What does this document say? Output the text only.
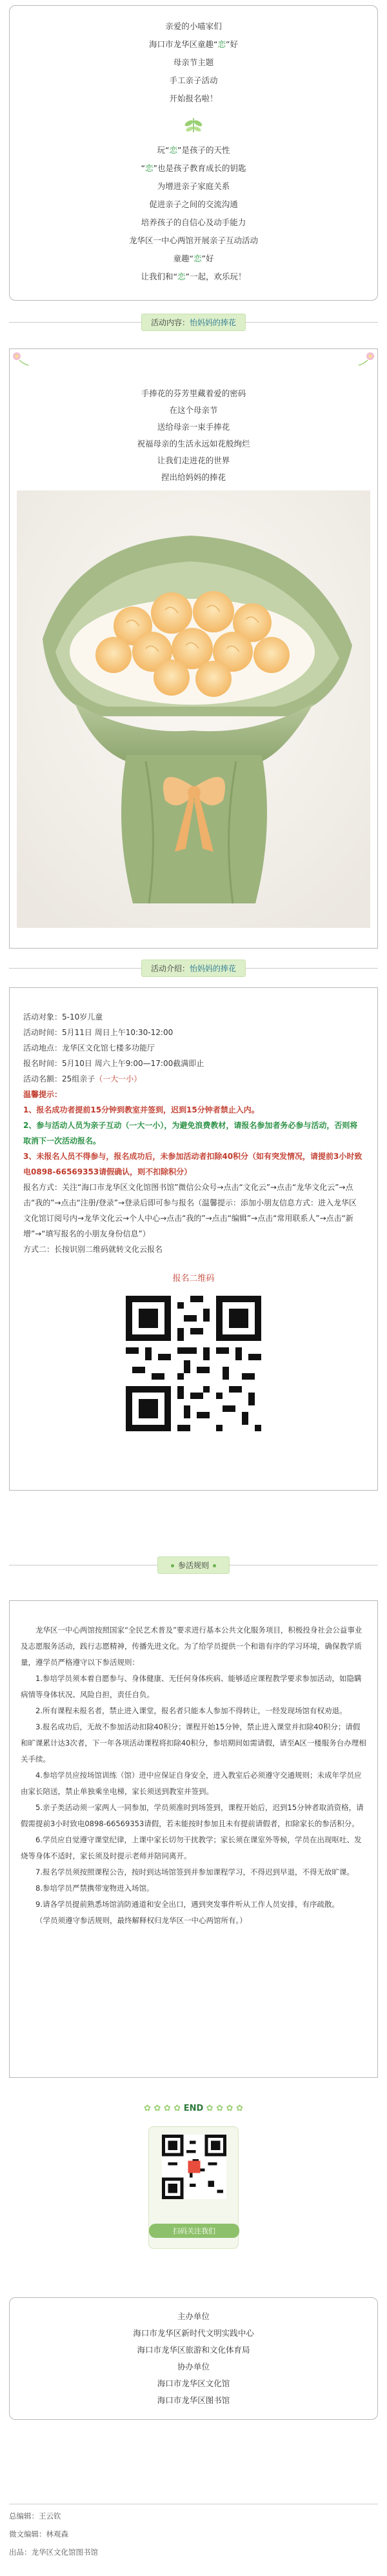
亲爱的小喵家们
海口市龙华区童趣“恋”好
母亲节主题
手工亲子活动
开始报名啦！
玩“恋”是孩子的天性
“恋”也是孩子教育成长的钥匙
为增进亲子家庭关系
促进亲子之间的交流沟通
培养孩子的自信心及动手能力
龙华区一中心两馆开展亲子互动活动
童趣“恋”好
让我们和“恋”一起，欢乐玩！
活动内容：怡妈妈的捧花
手捧花的芬芳里藏着爱的密码
在这个母亲节
送给母亲一束手捧花
祝福母亲的生活永远如花般绚烂
让我们走进花的世界
捏出给妈妈的捧花
活动介绍：怡妈妈的捧花

活动对象：5-10岁儿童

活动时间：5月11日 周日上午10:30-12:00

活动地点：龙华区文化馆七楼多功能厅

报名时间：5月10日 周六上午9:00—17:00截满即止

活动名额：25组亲子（一大一小）

温馨提示：

1、报名成功者提前15分钟到教室并签到，迟到15分钟者禁止入内。

2、参与活动人员为亲子互动（一大一小），为避免浪费教材，请报名参加者务必参与活动，否则将取消下一次活动报名。

3、未报名人员不得参与，报名成功后，未参加活动者扣除40积分（如有突发情况，请提前3小时致电0898-66569353请假确认，则不扣除积分）

报名方式：关注“海口市龙华区文化馆图书馆”微信公众号→点击“文化云”→点击“龙华文化云”→点击“我的”→点击“注册/登录”→登录后即可参与报名（温馨提示：添加小朋友信息方式：进入龙华区文化馆订阅号内→龙华文化云→个人中心→点击“我的”→点击“编辑”→点击“常用联系人”→点击“新增”→“填写报名的小朋友身份信息”）

方式二：长按识别二维码就转文化云报名

报名二维码
参活规则

龙华区一中心两馆按照国家“全民艺术普及”要求进行基本公共文化服务项目，积极投身社会公益事业及志愿服务活动，践行志愿精神，传播先进文化。为了给学员提供一个和谐有序的学习环境，确保教学质量，遵学员严格遵守以下参活规则：

1.参培学员须本着自愿参与、身体健康、无任何身体疾病、能够适应课程教学要求参加活动，如隐瞒病情等身体状况、风险自担，责任自负。

2.所有课程未报名者，禁止进入课堂，报名者只能本人参加不得转让，一经发现场馆有权劝退。

3.报名成功后，无故不参加活动扣除40积分；课程开始15分钟，禁止进入课堂并扣除40积分；请假和旷课累计达3次者，下一年各项活动课程将扣除40积分，参培期间如需请假，请至A区一楼服务台办理相关手续。

4.参培学员应按场馆训练（馆）进中应保证自身安全，进入教室后必须遵守交通规则；未成年学员应由家长陪送，禁止单独乘坐电梯，家长须送到教室并签到。

5.亲子类活动须一家两人一同参加，学员须准时到场签到，课程开始后，迟到15分钟者取消资格，请假需提前3小时致电0898-66569353请假，若未能按时参加且未有提前请假者，扣除家长的参活积分。

6.学员应自觉遵守课堂纪律，上课中家长切勿干扰教学；家长须在课室外等候，学员在出现呕吐、发烧等身体不适时，家长须及时提示老师并陪同离开。

7.报名学员须按照课程公告，按时到达场馆签到并参加课程学习，不得迟到早退，不得无故旷课。

8.参培学员严禁携带宠物进入场馆。

9.请各学员提前熟悉场馆消防通道和安全出口，遇到突发事件听从工作人员安排，有序疏散。

（学员须遵守参活规则，最终解释权归龙华区一中心两馆所有。）

✿ ✿ ✿ ✿ END ✿ ✿ ✿ ✿
扫码关注我们
主办单位
海口市龙华区新时代文明实践中心
海口市龙华区旅游和文化体育局
协办单位
海口市龙华区文化馆
海口市龙华区图书馆
总编辑：王云钦
微文编辑：林观森
出品：龙华区文化馆图书馆
